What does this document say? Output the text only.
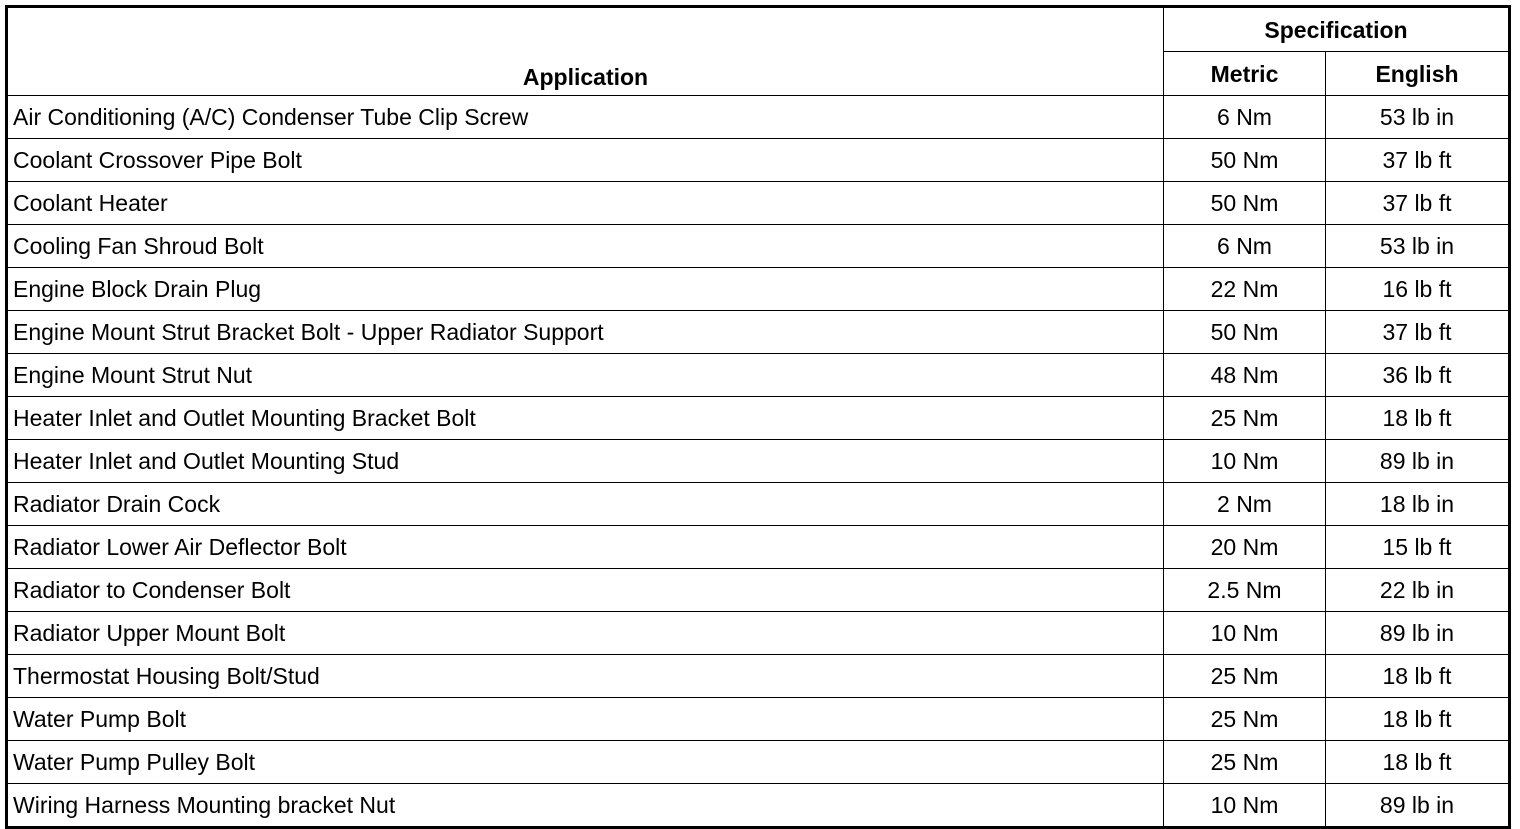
Application	Specification	
	Metric	English
Air Conditioning (A/C) Condenser Tube Clip Screw	6 Nm	53 lb in
Coolant Crossover Pipe Bolt	50 Nm	37 lb ft
Coolant Heater	50 Nm	37 lb ft
Cooling Fan Shroud Bolt	6 Nm	53 lb in
Engine Block Drain Plug	22 Nm	16 lb ft
Engine Mount Strut Bracket Bolt - Upper Radiator Support	50 Nm	37 lb ft
Engine Mount Strut Nut	48 Nm	36 lb ft
Heater Inlet and Outlet Mounting Bracket Bolt	25 Nm	18 lb ft
Heater Inlet and Outlet Mounting Stud	10 Nm	89 lb in
Radiator Drain Cock	2 Nm	18 lb in
Radiator Lower Air Deflector Bolt	20 Nm	15 lb ft
Radiator to Condenser Bolt	2.5 Nm	22 lb in
Radiator Upper Mount Bolt	10 Nm	89 lb in
Thermostat Housing Bolt/Stud	25 Nm	18 lb ft
Water Pump Bolt	25 Nm	18 lb ft
Water Pump Pulley Bolt	25 Nm	18 lb ft
Wiring Harness Mounting bracket Nut	10 Nm	89 lb in
